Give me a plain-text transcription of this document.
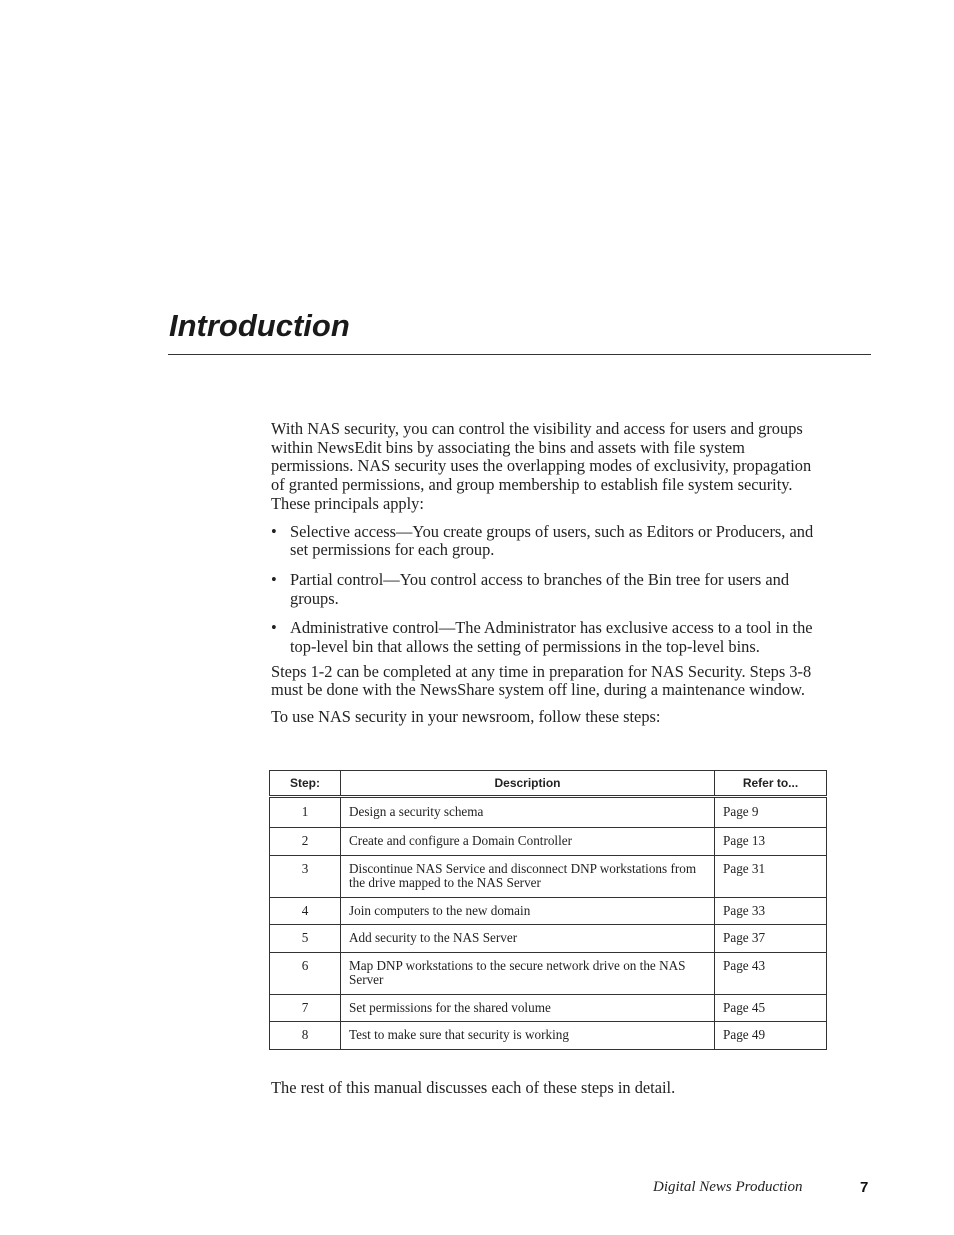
Introduction

With NAS security, you can control the visibility and access for users and groups within NewsEdit bins by associating the bins and assets with file system permissions. NAS security uses the overlapping modes of exclusivity, propagation of granted permissions, and group membership to establish file system security. These principals apply:

• Selective access—You create groups of users, such as Editors or Producers, and set permissions for each group.
• Partial control—You control access to branches of the Bin tree for users and groups.
• Administrative control—The Administrator has exclusive access to a tool in the top-level bin that allows the setting of permissions in the top-level bins.

Steps 1-2 can be completed at any time in preparation for NAS Security. Steps 3-8 must be done with the NewsShare system off line, during a maintenance window.

To use NAS security in your newsroom, follow these steps:

Step:	Description	Refer to...
1	Design a security schema	Page 9
2	Create and configure a Domain Controller	Page 13
3	Discontinue NAS Service and disconnect DNP workstations from the drive mapped to the NAS Server	Page 31
4	Join computers to the new domain	Page 33
5	Add security to the NAS Server	Page 37
6	Map DNP workstations to the secure network drive on the NAS Server	Page 43
7	Set permissions for the shared volume	Page 45
8	Test to make sure that security is working	Page 49
The rest of this manual discusses each of these steps in detail.
Digital News Production	7
